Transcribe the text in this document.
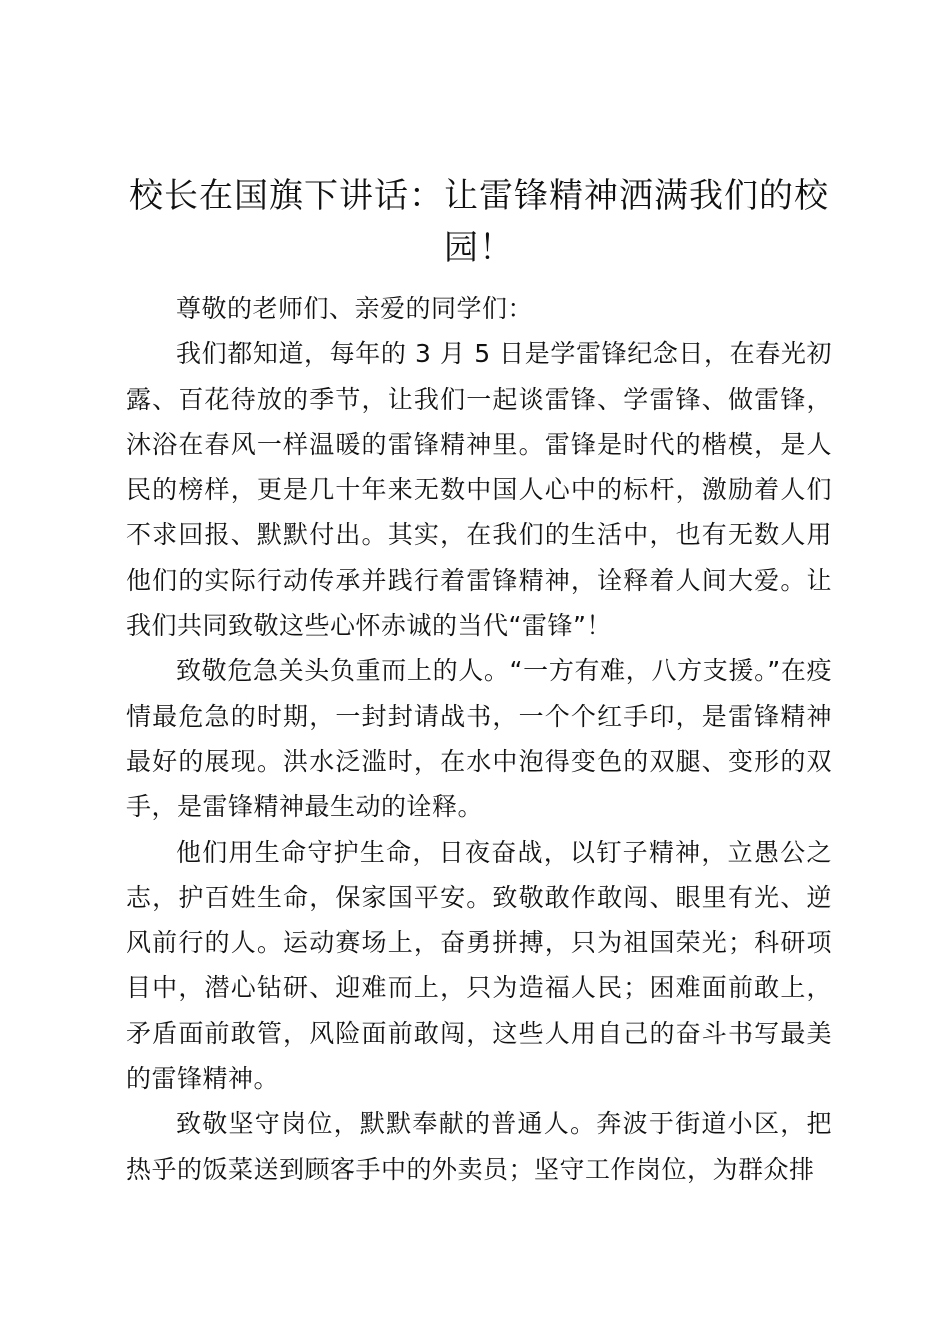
校长在国旗下讲话：让雷锋精神洒满我们的校园！

尊敬的老师们、亲爱的同学们：

我们都知道，每年的 3 月 5 日是学雷锋纪念日，在春光初露、百花待放的季节，让我们一起谈雷锋、学雷锋、做雷锋，沐浴在春风一样温暖的雷锋精神里。雷锋是时代的楷模，是人民的榜样，更是几十年来无数中国人心中的标杆，激励着人们不求回报、默默付出。其实，在我们的生活中，也有无数人用他们的实际行动传承并践行着雷锋精神，诠释着人间大爱。让我们共同致敬这些心怀赤诚的当代“雷锋”！

致敬危急关头负重而上的人。“一方有难，八方支援。”在疫情最危急的时期，一封封请战书，一个个红手印，是雷锋精神最好的展现。洪水泛滥时，在水中泡得变色的双腿、变形的双手，是雷锋精神最生动的诠释。

他们用生命守护生命，日夜奋战，以钉子精神，立愚公之志，护百姓生命，保家国平安。致敬敢作敢闯、眼里有光、逆风前行的人。运动赛场上，奋勇拼搏，只为祖国荣光；科研项目中，潜心钻研、迎难而上，只为造福人民；困难面前敢上，矛盾面前敢管，风险面前敢闯，这些人用自己的奋斗书写最美的雷锋精神。

致敬坚守岗位，默默奉献的普通人。奔波于街道小区，把热乎的饭菜送到顾客手中的外卖员；坚守工作岗位，为群众排
